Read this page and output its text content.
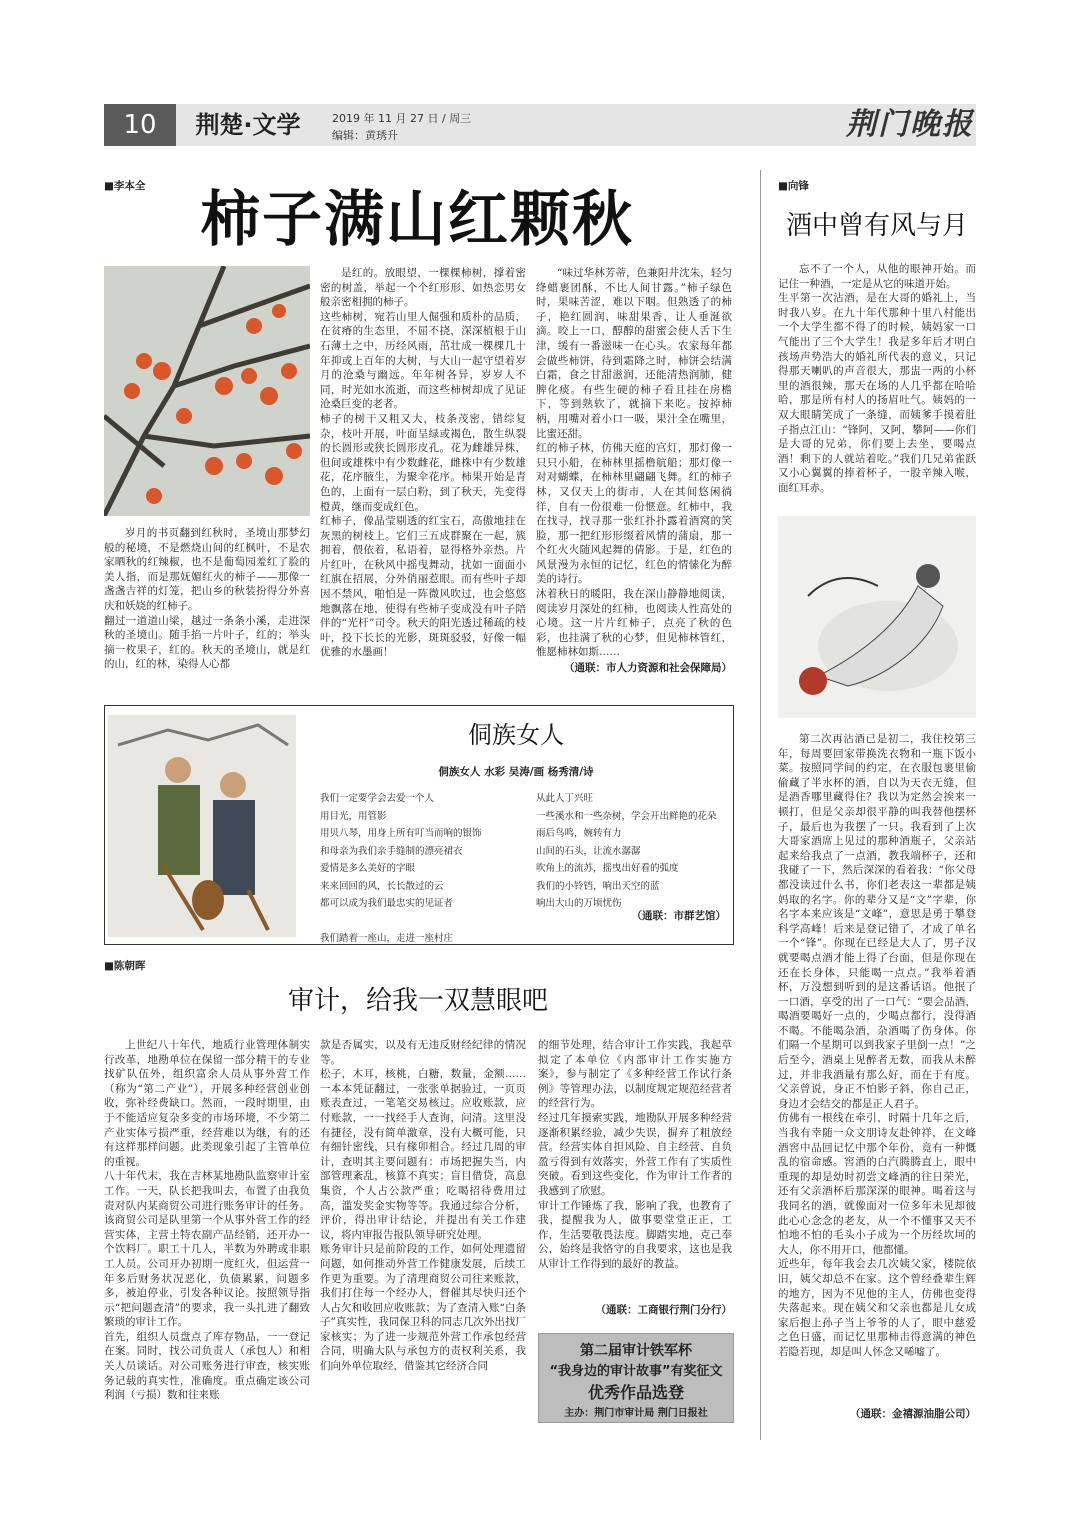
10	荆楚·文学	2019 年 11 月 27 日 / 周三
编辑：黄琇升	荆门晚报
■李本全 柿子满山红颗秋

岁月的书页翻到红秋时，圣境山那梦幻般的秘境，不是燃烧山间的红枫叶，不是农家晒秋的红辣椒，也不是葡萄园羞红了脸的美人指，而是那妩媚红火的柿子——那像一盏盏吉祥的灯笼，把山乡的秋装扮得分外喜庆和妖娆的红柿子。
翻过一道道山梁，越过一条条小溪，走进深秋的圣境山。随手掐一片叶子，红的；举头摘一枚果子，红的。秋天的圣境山，就是红的山，红的林，染得人心都

是红的。放眼望，一棵棵柿树，撑着密密的树盖，举起一个个红形形、如热恋男女般亲密相拥的柿子。
这些柿树，宛若山里人倔强和质朴的品质，在贫瘠的生态里，不屈不挠，深深植根于山石薄土之中，历经风雨，茁壮成一棵棵几十年抑或上百年的大树，与大山一起守望着岁月的沧桑与幽远。年年树各异，岁岁人不同，时光如水流逝，而这些柿树却成了见证沧桑巨变的老者。
柿子的树干又粗又大，枝条茂密，错综复杂，枝叶开展，叶面呈绿或褐色，散生纵裂的长圆形或狭长圆形皮孔。花为雌雄异株，但间或雄株中有少数雌花，雌株中有少数雄花，花序腋生，为聚伞花序。柿果开始是青色的，上面有一层白粉，到了秋天，先变得橙黄，继而变成红色。
红柿子，像晶莹剔透的红宝石，高傲地挂在灰黑的树枝上。它们三五成群聚在一起，簇拥着，偎依着，私语着，显得格外亲热。片片红叶，在秋风中摇曳舞动，扰如一面面小红旗在招展，分外俏丽惹眼。而有些叶子却因不禁风，啪怕是一阵微风吹过，也会悠悠地飘落在地，使得有些柿子变成没有叶子陪伴的“光杆”司令。秋天的阳光透过稀疏的枝叶，投下长长的光影，斑斑驳驳，好像一幅优雅的水墨画！

“味过华林芳蒂，色兼阳井沈朱，轻匀绛蜡裹团酥，不比人间甘露。”柿子绿色时，果味苦涩，难以下咽。但熟透了的柿子，艳红圆润，味甜果香，让人垂涎欲滴。咬上一口，醇醇的甜蜜会使人舌下生津，缓有一番滋味一在心头。农家每年都会做些柿饼，待到霜降之时，柿饼会结满白霜，食之甘甜滋润，还能清热润肺，健脾化痰。有些生硬的柿子看且挂在房檐下，等到熟软了，就摘下来吃。按掉柿柄，用嘴对着小口一吸，果汁全在嘴里，比蜜还甜。
红的柿子林，仿佛天庭的宫灯，那灯像一只只小船，在柿林里摇橹航船；那灯像一对对蝴蝶，在柿林里翩翩飞舞。红的柿子林，又仅天上的街市，人在其间悠闲徜徉，自有一份很难一份惬意。红柿中，我在找寻，找寻那一张红扑扑露着酒窝的笑脸，那一把红形形缀着风情的蒲扇，那一个红火火随风起舞的倩影。于是，红色的风景漫为永恒的记忆，红色的情愫化为醉美的诗行。
沐着秋日的暖阳，我在深山静静地阅读，阅读岁月深处的红柿，也阅读人性高处的心境。这一片片红柿子，点亮了秋的色彩，也挂满了秋的心梦，但见柿林管红，惟愿柿林如斯……

（通联：市人力资源和社会保障局）
■向锋
酒中曾有风与月

忘不了一个人，从他的眼神开始。而记住一种酒，一定是从它的味道开始。
生平第一次沾酒，是在大哥的婚礼上，当时我八岁。在九十年代那种十里八村能出一个大学生都不得了的时候，姨妈家一口气能出了三个大学生！我是多年后才明白孩场声势浩大的婚礼所代表的意义，只记得那天喇叭的声音很大，那盅一两的小杯里的酒很辣，那天在场的人几乎都在哈哈哈，那是所有村人的扬眉吐气。姨妈的一双大眼睛笑成了一条缝，而姨爹手摸着肚子指点江山：“锋阿，又阿，攀阿——你们是大哥的兄弟，你们要上去坐，要喝点酒！剩下的人就站着吃。”我们几兄弟雀跃又小心翼翼的捧着杯子，一股辛辣入喉，面红耳赤。

第二次再沾酒已是初二，我住校第三年，每周要回家带换洗衣物和一瓶下饭小菜。按照同学间的约定，在衣服包裹里偷偷藏了半水杯的酒，自以为天衣无缝，但是酒香哪里藏得住？我以为定然会挨来一顿打，但是父亲却很平静的叫我替他摆杯子，最后也为我摆了一只。我看到了上次大哥家酒席上见过的那种酒瓶子，父亲站起来给我点了一点酒，教我端杯子，还和我碰了一下，然后深深的看着我：“你父母都没读过什么书，你们老表这一辈都是姨妈取的名字。你的辈分又是“文”字辈，你名字本来应该是“文峰”，意思是勇于攀登科学高峰！后来是登记错了，才成了单名一个“锋”。你现在已经是大人了，男子汉就要喝点酒才能上得了台面，但是你现在还在长身体，只能喝一点点。”我举着酒杯，万没想到听到的是这番话语。他抿了一口酒，享受的出了一口气：“要会品酒，喝酒要喝好一点的，少喝点都行，没得酒不喝。不能喝杂酒，杂酒喝了伤身体。你们隔一个星期可以到我家子里倒一点！”之后至今，酒桌上见醉者无数，而我从未醉过，并非我酒量有那么好，而在于有度。父亲曾说，身正不怕影子斜，你自己正，身边才会结交的都是正人君子。
仿佛有一根线在牵引，时隔十几年之后，当我有幸随一众文朋诗友赴钟祥，在文峰酒窖中品回记忆中那个年份，竟有一种慨乱的宿命感。窖酒的白汽腾腾直上，眼中重现的却是幼时初尝文峰酒的往日荣光，还有父亲酒杯后那深深的眼神。喝着这与我同名的酒，就像面对一位多年未见却彼此心心念念的老友，从一个不懂事又天不怕地不怕的毛头小子成为一个历经坎坷的大人，你不用开口，他都懂。
近些年，每年我会去几次姨父家，楼院依旧，姨父却总不在家。这个曾经叠辈生辉的地方，因为不见他的主人，仿佛也变得失落起来。现在姨父和父亲也都是儿女成家后抱上孙子当上爷爷的人了，眼中慈爱之色日盛，而记忆里那柿击得意满的神色若隐若现，却是叫人怀念又唏嘘了。

（通联：金禧源油脂公司）
侗族女人
侗族女人 水彩 吴涛/画 杨秀清/诗

我们一定要学会去爱一个人
用目光，用管影
用贝八琴，用身上所有叮当而响的银饰
和母亲为我们亲手缝制的漂亮裙衣
爱情是多么美好的字眼
来来回回的风，长长散过的云
都可以成为我们最忠实的见证者

我们踏着一座山，走进一座村庄

从此人丁兴旺
一些溪水和一些杂树，学会开出鲜艳的花朵
雨后鸟鸣，婉转有力
山间的石头，让流水潺潺
吹角上的流苏，摇曳出好看的弧度
我们的小铃铛，响出天空的蓝
响出大山的万顷忧伤

（通联：市群艺馆）
■陈朝晖
审计，给我一双慧眼吧

上世纪八十年代，地质行业管理体制实行改革，地勘单位在保留一部分精干的专业找矿队伍外，组织富余人员从事外营工作（称为“第二产业”），开展多种经营创业创收，弥补经费缺口。然而，一段时期里，由于不能适应复杂多变的市场环境，不少第二产业实体亏损严重，经营难以为继，有的还有这样那样问题。此类现象引起了主管单位的重视。
八十年代末，我在吉林某地勘队监察审计室工作。一天，队长把我叫去，布置了由我负责对队内某商贸公司进行账务审计的任务。该商贸公司是队里第一个从事外营工作的经营实体，主营土特农副产品经销，还开办一个饮料厂。职工十几人，半数为外聘或非职工人员。公司开办初期一度红火，但运营一年多后财务状况恶化，负债累累，问题多多，被迫停业，引发各种议论。按照领导指示“把问题查清”的要求，我一头扎进了翻致繁琐的审计工作。
首先，组织人员盘点了库存物品，一一登记在案。同时，找公司负责人（承包人）和相关人员谈话。对公司账务进行审查，核实账务记载的真实性，准确度。重点确定该公司利润（亏损）数和往来账

款是否属实，以及有无违反财经纪律的情况等。
松子，木耳，核桃，白糖，数量，金额……一本本凭证翻过，一张张单据验过，一页页账表查过，一笔笔交易核过。应收账款，应付账款，一一找经手人查询，问清。这里没有捷径，没有简单激章，没有大概可能，只有细针密线，只有椽卯相合。经过几周的审计，查明其主要问题有：市场把握失当，内部管理紊乱，核算不真实；盲目借贷，高息集资，个人占公款严重；吃喝招待费用过高，滥发奖金实物等等。我通过综合分析，评价，得出审计结论，并提出有关工作建议，将内审报告报队领导研究处理。
账务审计只是前阶段的工作，如何处理遗留问题，如何推动外营工作健康发展，后续工作更为重要。为了清理商贸公司往来账款，我们打住每一个经办人，督催其尽快归还个人占欠和收回应收账款；为了查清入账“白条子”真实性，我同保卫科的同志几次外出找厂家核实；为了进一步规范外营工作承包经营合同，明确大队与承包方的责权利关系，我们向外单位取经，借鉴其它经济合同

的细节处理，结合审计工作实践，我起草拟定了本单位《内部审计工作实施方案》，参与制定了《多种经营工作试行条例》等管理办法，以制度规定规范经营者的经营行为。
经过几年摸索实践，地勘队开展多种经营逐渐积累经验，减少失误，摒弃了粗放经营。经营实体自担风险、自主经营、自负盈亏得到有效落实，外营工作有了实质性突破。看到这些变化，作为审计工作者的我感到了欣慰。
审计工作锤炼了我，影响了我，也教育了我，提醒我为人，做事要堂堂正正，工作，生活要敬畏法度。脚踏实地，克己奉公，始终是我恪守的自我要求，这也是我从审计工作得到的最好的教益。

（通联：工商银行荆门分行）
第二届审计铁军杯
“我身边的审计故事”有奖征文
优秀作品选登
主办：荆门市审计局 荆门日报社
